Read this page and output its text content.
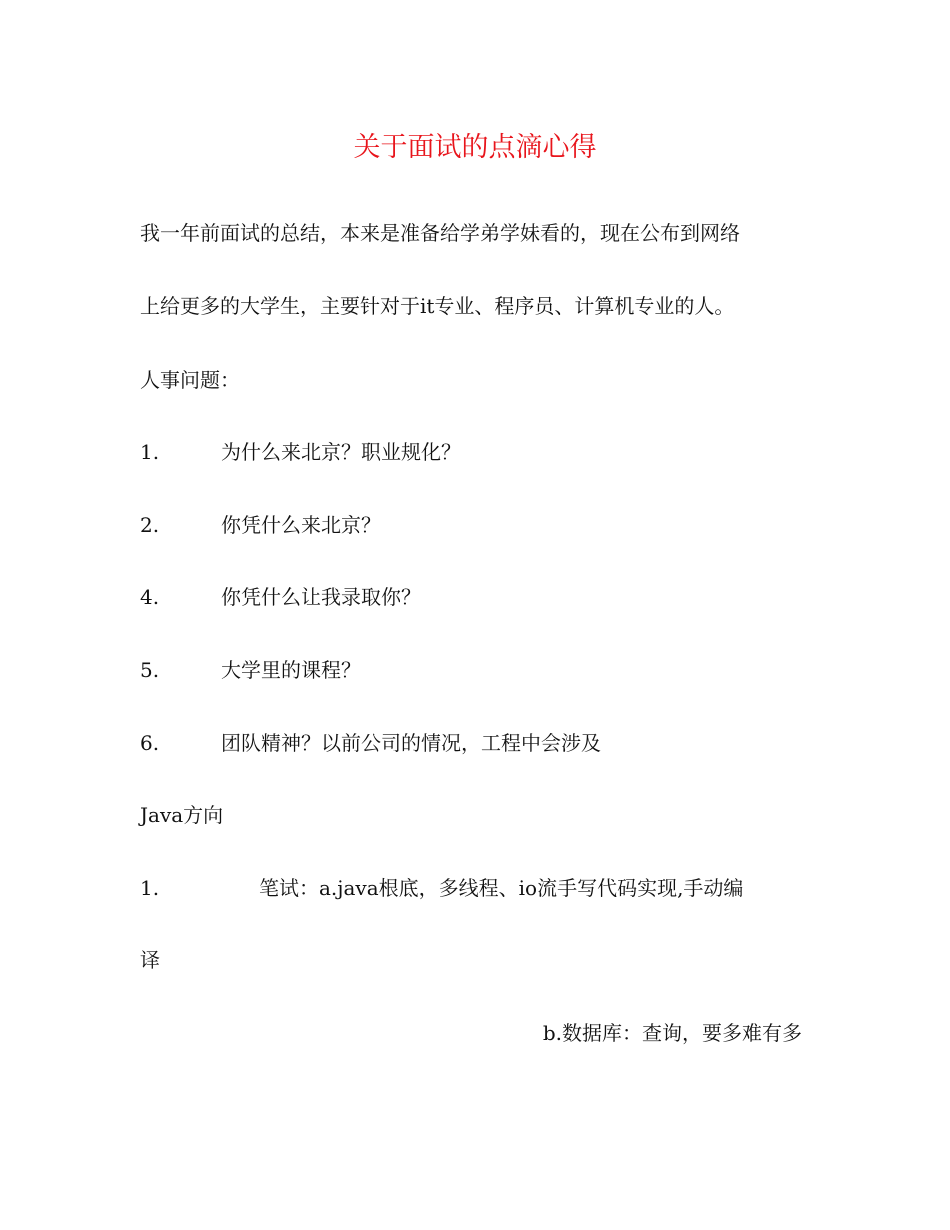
关于面试的点滴心得
我一年前面试的总结，本来是准备给学弟学妹看的，现在公布到网络
上给更多的大学生，主要针对于it专业、程序员、计算机专业的人。
人事问题：
1.	为什么来北京？职业规化？
2.	你凭什么来北京？
4.	你凭什么让我录取你？
5.	大学里的课程？
6.	团队精神？以前公司的情况，工程中会涉及
Java方向
1.	笔试：a.java根底，多线程、io流手写代码实现,手动编
译
b.数据库：查询，要多难有多
